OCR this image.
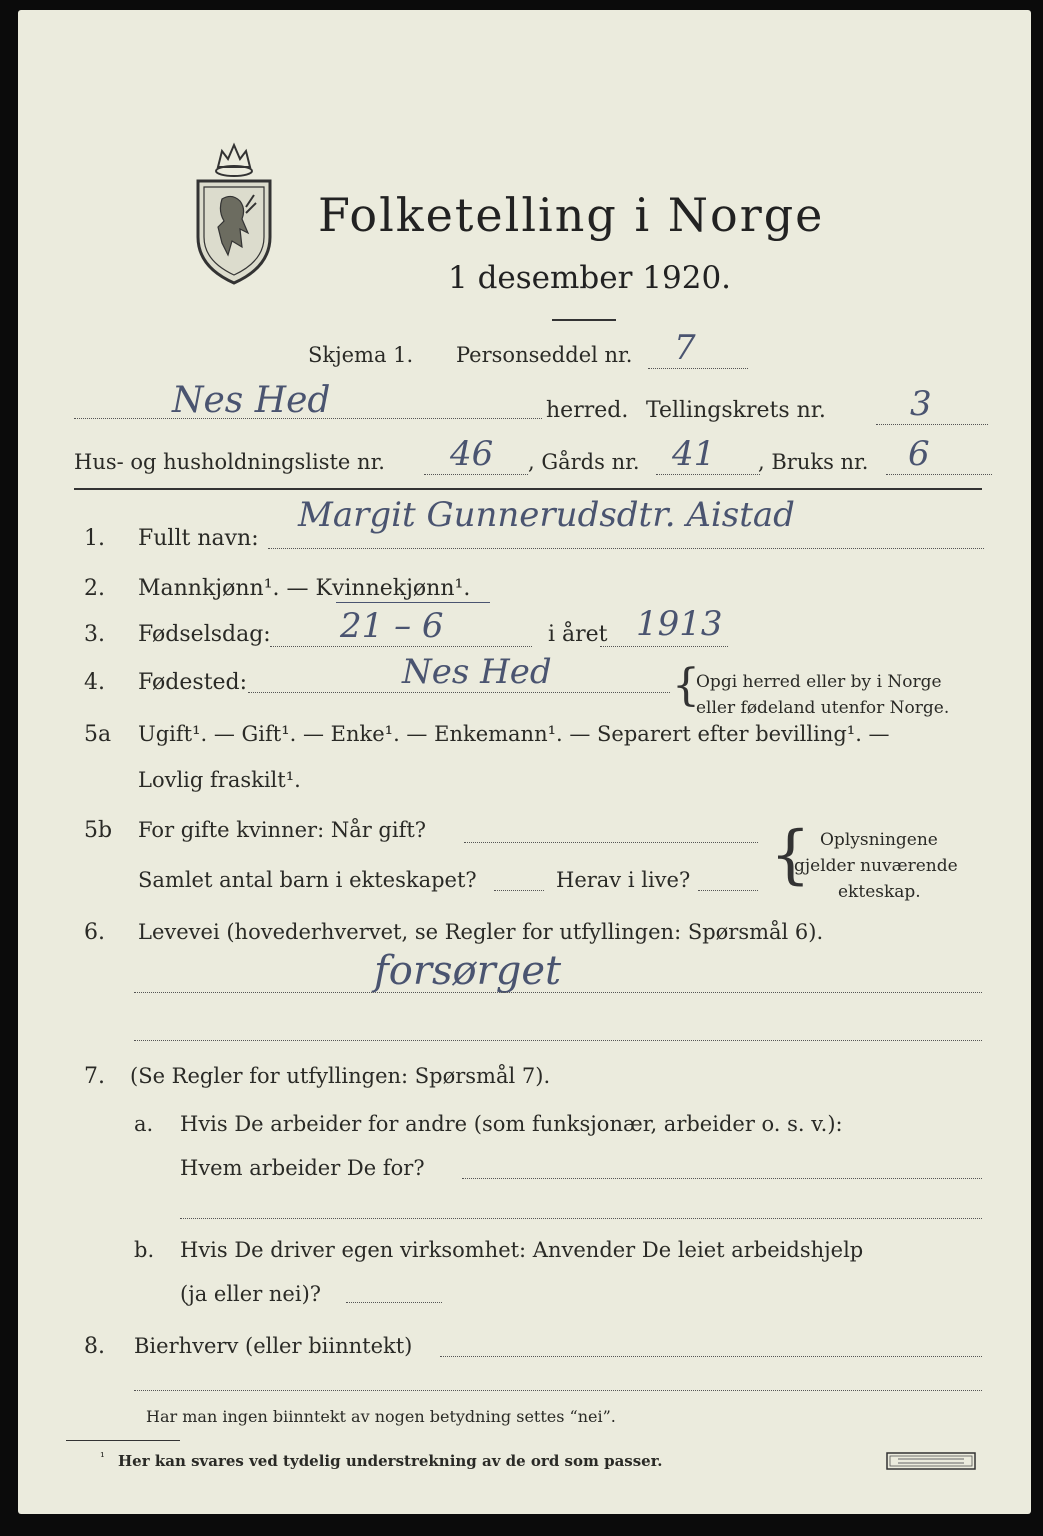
Folketelling i Norge
1 desember 1920.
Skjema 1. Personseddel nr. 7
Nes Hed	herred. Tellingskrets nr. 3
Hus- og husholdningsliste nr. 46 , Gårds nr. 41 , Bruks nr. 6
1. Fullt navn:
Margit Gunnerudsdtr. Aistad
2. Mannkjønn¹. — Kvinnekjønn¹.
3. Fødselsdag: 21 – 6	i året 1913
4. Fødested:	Nes Hed	{
Opgi herred eller by i Norge
eller fødeland utenfor Norge.
5a Ugift¹. — Gift¹. — Enke¹. — Enkemann¹. — Separert efter bevilling¹. —
Lovlig fraskilt¹.
5b For gifte kvinner: Når gift?
Samlet antal barn i ekteskapet?	Herav i live? { Oplysningene
gjelder nuværende
ekteskap.
6. Levevei (hovederhvervet, se Regler for utfyllingen: Spørsmål 6).
forsørget
7. (Se Regler for utfyllingen: Spørsmål 7).
a. Hvis De arbeider for andre (som funksjonær, arbeider o. s. v.):
Hvem arbeider De for?
b. Hvis De driver egen virksomhet: Anvender De leiet arbeidshjelp
(ja eller nei)?
8. Bierhverv (eller biinntekt)
Har man ingen biinntekt av nogen betydning settes “nei”.
¹ Her kan svares ved tydelig understrekning av de ord som passer.
